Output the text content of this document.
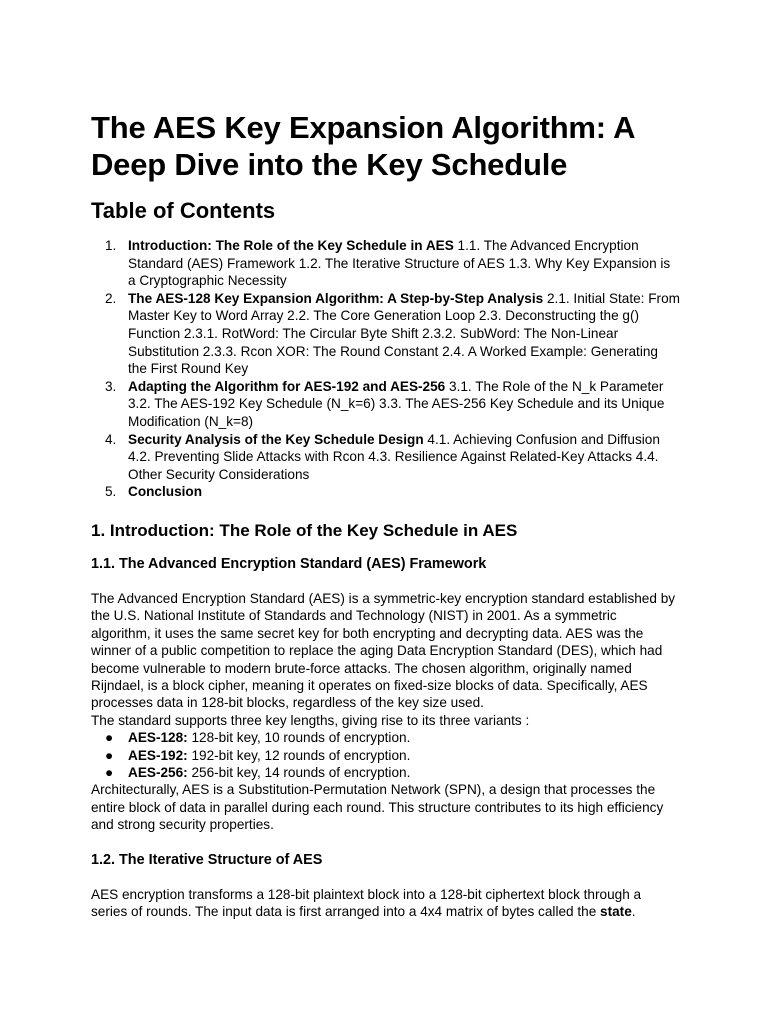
The AES Key Expansion Algorithm: A Deep Dive into the Key Schedule
Table of Contents
1. Introduction: The Role of the Key Schedule in AES 1.1. The Advanced Encryption Standard (AES) Framework 1.2. The Iterative Structure of AES 1.3. Why Key Expansion is a Cryptographic Necessity
2. The AES-128 Key Expansion Algorithm: A Step-by-Step Analysis 2.1. Initial State: From Master Key to Word Array 2.2. The Core Generation Loop 2.3. Deconstructing the g() Function 2.3.1. RotWord: The Circular Byte Shift 2.3.2. SubWord: The Non-Linear Substitution 2.3.3. Rcon XOR: The Round Constant 2.4. A Worked Example: Generating the First Round Key
3. Adapting the Algorithm for AES-192 and AES-256 3.1. The Role of the N_k Parameter 3.2. The AES-192 Key Schedule (N_k=6) 3.3. The AES-256 Key Schedule and its Unique Modification (N_k=8)
4. Security Analysis of the Key Schedule Design 4.1. Achieving Confusion and Diffusion 4.2. Preventing Slide Attacks with Rcon 4.3. Resilience Against Related-Key Attacks 4.4. Other Security Considerations
5. Conclusion
1. Introduction: The Role of the Key Schedule in AES
1.1. The Advanced Encryption Standard (AES) Framework

The Advanced Encryption Standard (AES) is a symmetric-key encryption standard established by the U.S. National Institute of Standards and Technology (NIST) in 2001. As a symmetric algorithm, it uses the same secret key for both encrypting and decrypting data. AES was the winner of a public competition to replace the aging Data Encryption Standard (DES), which had become vulnerable to modern brute-force attacks. The chosen algorithm, originally named Rijndael, is a block cipher, meaning it operates on fixed-size blocks of data. Specifically, AES processes data in 128-bit blocks, regardless of the key size used.

The standard supports three key lengths, giving rise to its three variants :

● AES-128: 128-bit key, 10 rounds of encryption.
● AES-192: 192-bit key, 12 rounds of encryption.
● AES-256: 256-bit key, 14 rounds of encryption.

Architecturally, AES is a Substitution-Permutation Network (SPN), a design that processes the entire block of data in parallel during each round. This structure contributes to its high efficiency and strong security properties.

1.2. The Iterative Structure of AES

AES encryption transforms a 128-bit plaintext block into a 128-bit ciphertext block through a series of rounds. The input data is first arranged into a 4x4 matrix of bytes called the state.
